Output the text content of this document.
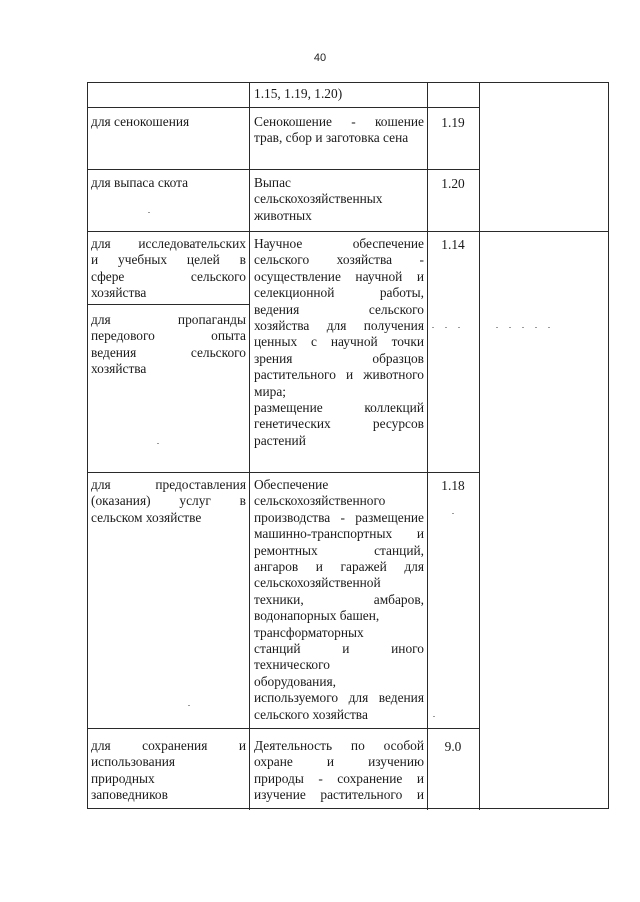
40
1.15, 1.19, 1.20)
для сенокошения	Сенокошение - кошение
трав, сбор и заготовка сена
1.19
для выпаса скота	Выпас
сельскохозяйственных
животных
1.20
для исследовательских
и учебных целей в
сфере сельского
хозяйства
для пропаганды
передового опыта
ведения сельского
хозяйства
Научное обеспечение
сельского хозяйства -
осуществление научной и
селекционной работы,
ведения сельского
хозяйства для получения
ценных с научной точки
зрения образцов
растительного и животного
мира;
размещение коллекций
генетических ресурсов
растений
1.14
для предоставления
(оказания) услуг в
сельском хозяйстве
Обеспечение
сельскохозяйственного
производства - размещение
машинно-транспортных и
ремонтных станций,
ангаров и гаражей для
сельскохозяйственной
техники, амбаров,
водонапорных башен,
трансформаторных
станций и иного
технического
оборудования,
используемого для ведения
сельского хозяйства
1.18
для сохранения и
использования
природных
заповедников
Деятельность по особой
охране и изучению
природы - сохранение и
изучение растительного и
9.0
